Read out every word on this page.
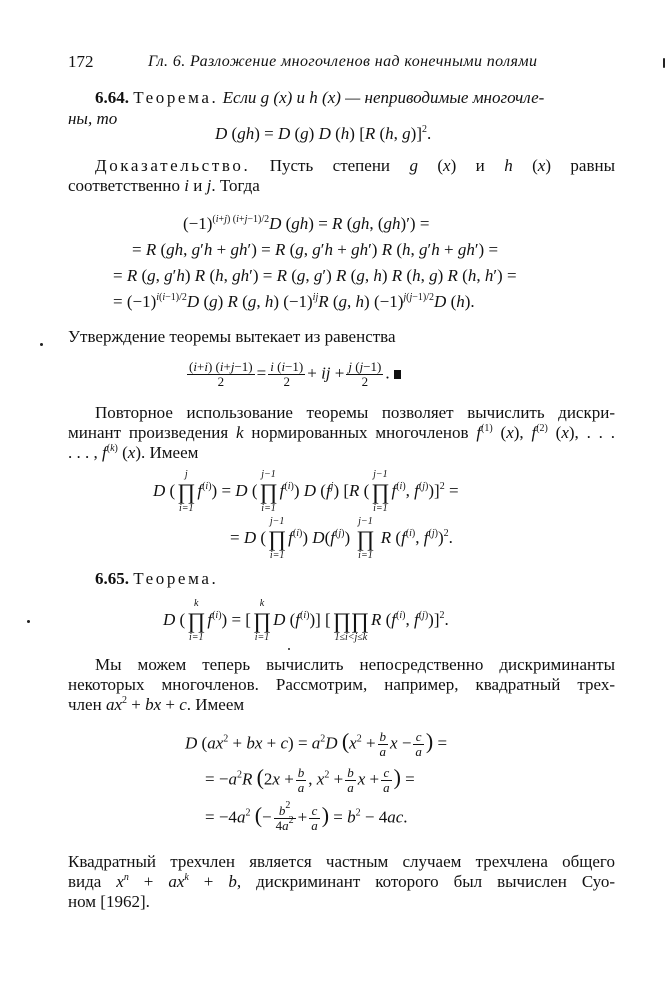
172	Гл. 6. Разложение многочленов над конечными полями
6.64. Теорема. Если g (x) и h (x) — неприводимые многочле-
ны, то
D (gh) = D (g) D (h) [R (h, g)]$^2$.
Доказательство. Пусть степени g (x) и h (x) равны
соответственно i и j. Тогда
$(-1)^{(i+j) (i+j-1)/2}D$ (gh) = R (gh, (gh)′) =
= R (gh, g′h + gh′) = R (g, g′h + gh′) R (h, g′h + gh′) =
= R (g, g′h) R (h, gh′) = R (g, g′) R (g, h) R (h, g) R (h, h′) =
= $(-1)^{i(i-1)/2}D$ (g) R (g, h) $(-1)^{ij}R$ (g, h) $(-1)^{j(j-1)/2}D$ (h).
Утверждение теоремы вытекает из равенства
$\frac{(i+i) (i+j-1)}{2} = \frac{i (i-1)}{2}$ + ij + $\frac{j (j-1)}{2}$ .
Повторное использование теоремы позволяет вычислить дискри-
минант произведения k нормированных многочленов $f^{(1)}$ (x), $f^{(2)}$ (x), . . .
. . . , $f^{(k)}$ (x). Имеем
D (
j
∏
i=1
$f^{(i)}) = D$ (
j−1
∏
i=1
$f^{(i)}$) D $(f^j)$ [R (
j−1
∏
i=1
$f^{(i)}$, $f^{(j)})]^2$ =
= D (
j−1
∏
i=1
$f^{(i)}$) $D(f^{(j)})$
j−1
∏
i=1
R ($f^{(i)}$, $f^{(j)})^2$.
6.65. Теорема.
D (
k
∏
i=1
$f^{(i)}$) = [
k
∏
i=1
D $(f^{(i)})$] [
∏∏
1≤i<j≤k
R ($f^{(i)}$, $f^{(j)})]^2$.
Мы можем теперь вычислить непосредственно дискриминанты
некоторых многочленов. Рассмотрим, например, квадратный трех-
член $ax^2$ + bx + c. Имеем
D ($ax^2$ + bx + $c) = a^2D$ ($x^2 + \frac{b}{a}$ $x - \frac{c}{a}$ ) =
= $-a^2R$ ($2x + \frac{b}{a}$ , $x^2 + \frac{b}{a}$ $x + \frac{c}{a}$ ) =
= $-4a^2$ (− $\frac{b^2}{4a^2} + \frac{c}{a}$ ) = $b^2 - 4ac$.
Квадратный трехчлен является частным случаем трехчлена общего
вида $x^n + ax^k + b$, дискриминант которого был вычислен Суо-
ном [1962].
